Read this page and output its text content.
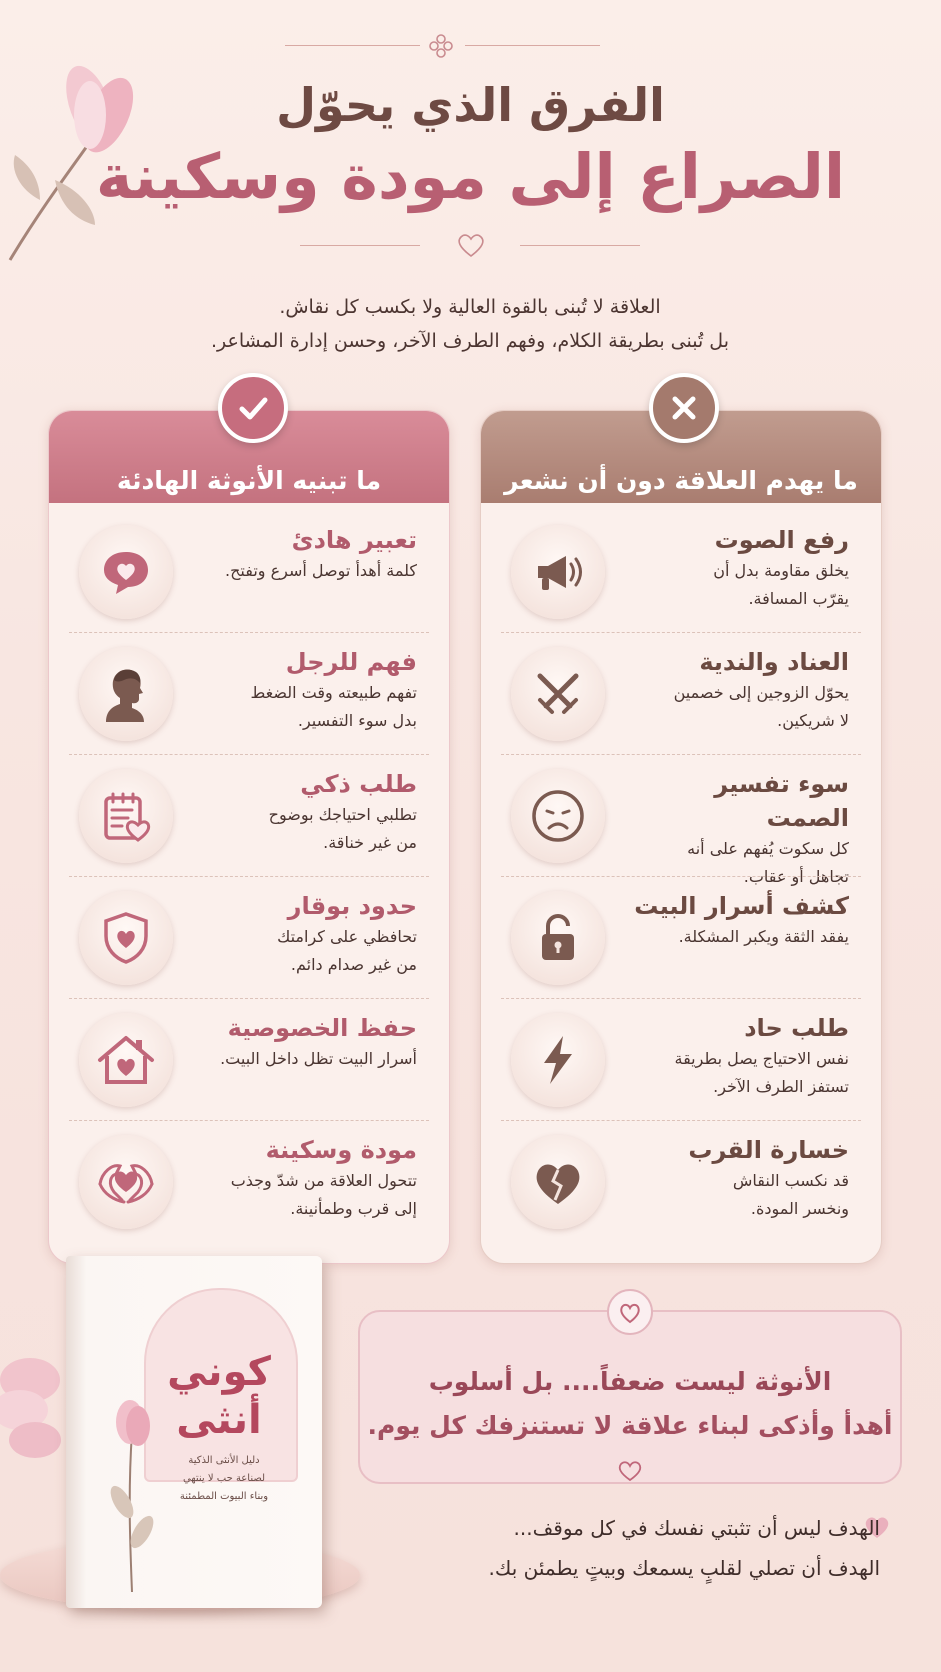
الفرق الذي يحوّل
الصراع إلى مودة وسكينة
العلاقة لا تُبنى بالقوة العالية ولا بكسب كل نقاش.
بل تُبنى بطريقة الكلام، وفهم الطرف الآخر، وحسن إدارة المشاعر.
ما يهدم العلاقة دون أن نشعر
رفع الصوت
يخلق مقاومة بدل أن
يقرّب المسافة.
العناد والندية
يحوّل الزوجين إلى خصمين
لا شريكين.
سوء تفسير الصمت
كل سكوت يُفهم على أنه
تجاهل أو عقاب.
كشف أسرار البيت
يفقد الثقة ويكبر المشكلة.
طلب حاد
نفس الاحتياج يصل بطريقة
تستفز الطرف الآخر.
خسارة القرب
قد نكسب النقاش
ونخسر المودة.
ما تبنيه الأنوثة الهادئة
تعبير هادئ
كلمة أهدأ توصل أسرع وتفتح.
فهم للرجل
تفهم طبيعته وقت الضغط
بدل سوء التفسير.
طلب ذكي
تطلبي احتياجك بوضوح
من غير خناقة.
حدود بوقار
تحافظي على كرامتك
من غير صدام دائم.
حفظ الخصوصية
أسرار البيت تظل داخل البيت.
مودة وسكينة
تتحول العلاقة من شدّ وجذب
إلى قرب وطمأنينة.
كوني
أنثى
دليل الأنثى الذكية
لصناعة حب لا ينتهي
وبناء البيوت المطمئنة
الأنوثة ليست ضعفاً.... بل أسلوب
أهدأ وأذكى لبناء علاقة لا تستنزفك كل يوم.
الهدف ليس أن تثبتي نفسك في كل موقف...
الهدف أن تصلي لقلبٍ يسمعك وبيتٍ يطمئن بك.
